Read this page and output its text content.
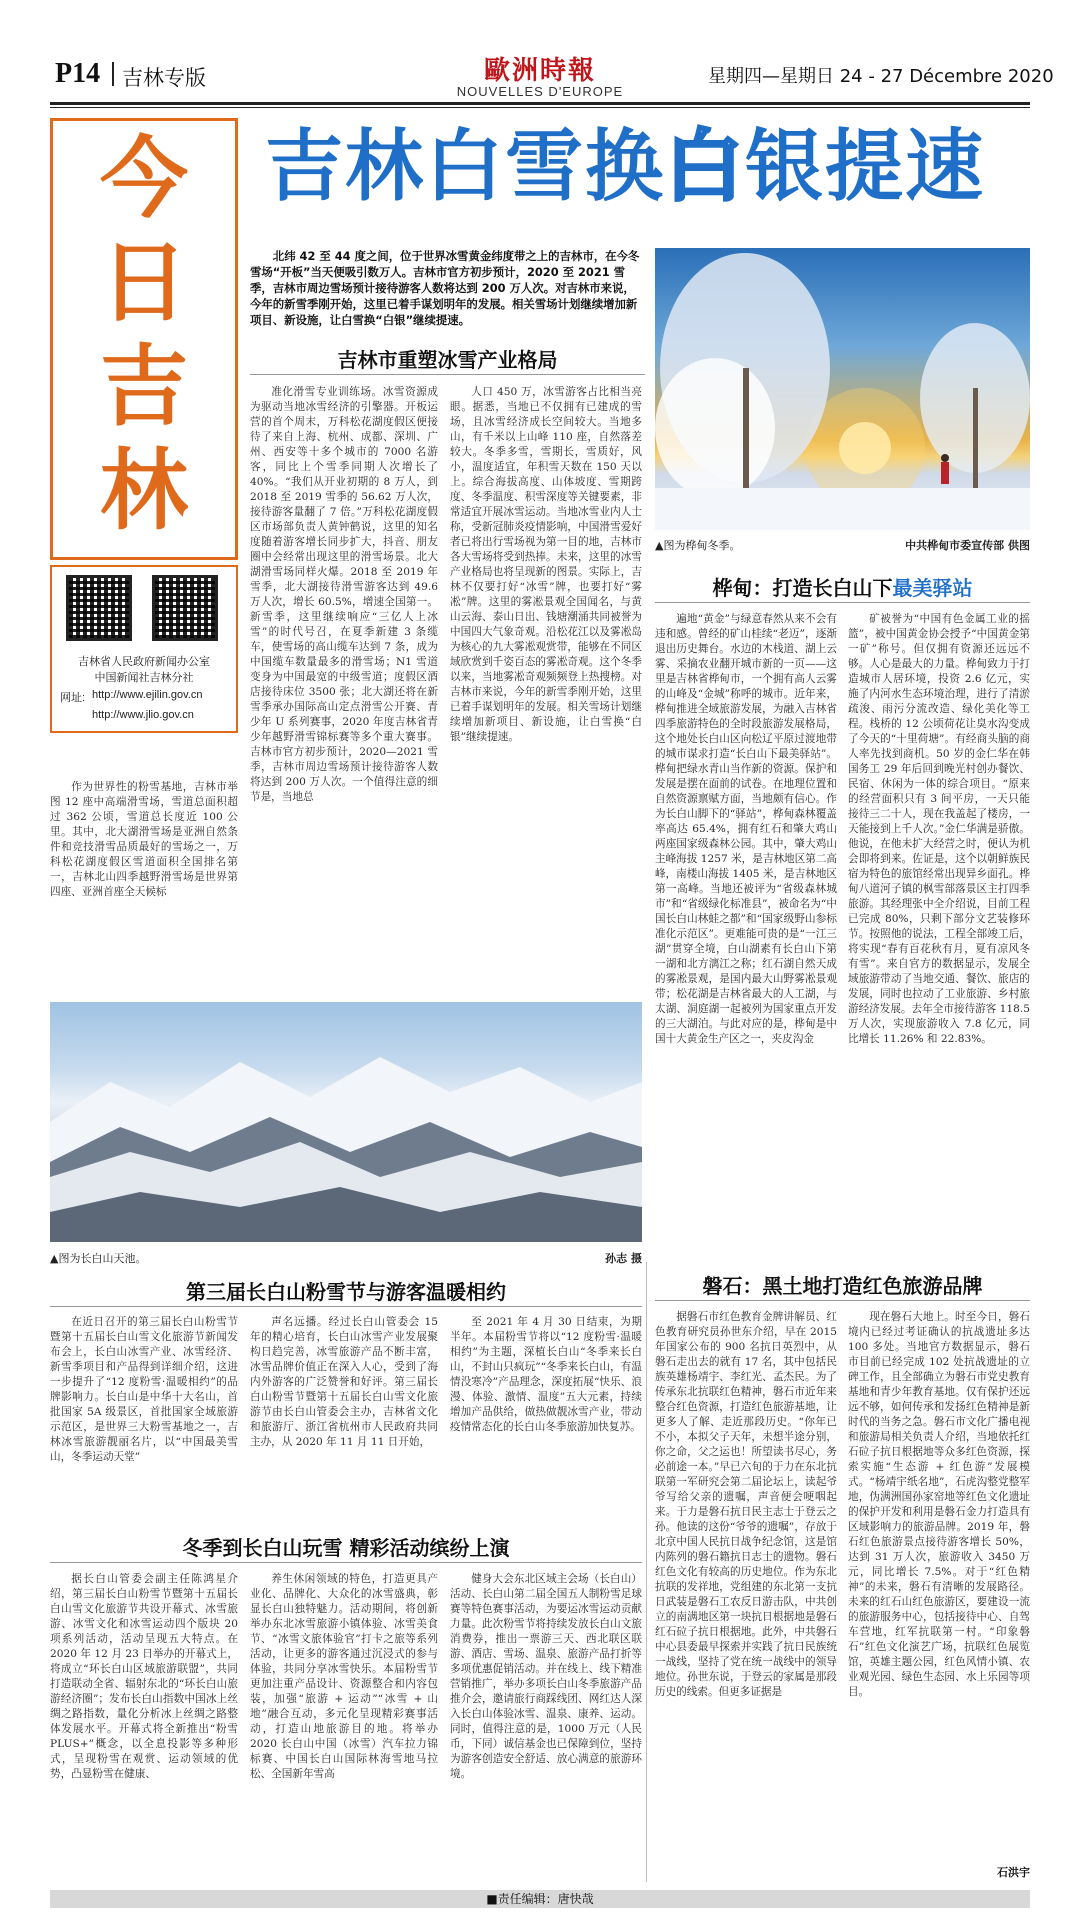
P14 吉林专版	歐洲時報
NOUVELLES D'EUROPE
星期四—星期日 24 - 27 Décembre 2020
今
日
吉
林
吉林省人民政府新闻办公室
中国新闻社吉林分社
网址: http://www.ejilin.gov.cn
http://www.jlio.gov.cn
吉林白雪换白银提速
北纬 42 至 44 度之间，位于世界冰雪黄金纬度带之上的吉林市，在今冬雪场“开板”当天便吸引数万人。吉林市官方初步预计，2020 至 2021 雪季，吉林市周边雪场预计接待游客人数将达到 200 万人次。对吉林市来说，今年的新雪季刚开始，这里已着手谋划明年的发展。相关雪场计划继续增加新项目、新设施，让白雪换“白银”继续提速。
吉林市重塑冰雪产业格局

作为世界性的粉雪基地，吉林市举图 12 座中高端滑雪场，雪道总面积超过 362 公顷，雪道总长度近 100 公里。其中，北大湖滑雪场是亚洲自然条件和竞技滑雪品质最好的雪场之一，万科松花湖度假区雪道面积全国排名第一，吉林北山四季越野滑雪场是世界第四座、亚洲首座全天候标

准化滑雪专业训练场。冰雪资源成为驱动当地冰雪经济的引擎器。开板运营的首个周末，万科松花湖度假区便接待了来自上海、杭州、成都、深圳、广州、西安等十多个城市的 7000 名游客，同比上个雪季同期人次增长了 40%。“我们从开业初期的 8 万人，到 2018 至 2019 雪季的 56.62 万人次，接待游客量翻了 7 倍。”万科松花湖度假区市场部负责人黄钟鹤说，这里的知名度随着游客增长同步扩大，抖音、朋友圈中会经常出现这里的滑雪场景。北大湖滑雪场同样火爆。2018 至 2019 年雪季，北大湖接待滑雪游客达到 49.6 万人次，增长 60.5%，增速全国第一。新雪季，这里继续响应“三亿人上冰雪”的时代号召，在夏季新建 3 条缆车，使雪场的高山缆车达到 7 条，成为中国缆车数量最多的滑雪场；N1 雪道变身为中国最宽的中级雪道；度假区酒店接待床位 3500 张；北大湖还将在新雪季承办国际高山定点滑雪公开赛、青少年 U 系列赛事，2020 年度吉林省青少年越野滑雪锦标赛等多个重大赛事。吉林市官方初步预计，2020—2021 雪季，吉林市周边雪场预计接待游客人数将达到 200 万人次。一个值得注意的细节是，当地总

人口 450 万，冰雪游客占比相当亮眼。据悉，当地已不仅拥有已建成的雪场，且冰雪经济成长空间较大。当地多山，有千米以上山峰 110 座，自然落差较大。冬季多雪，雪期长，雪质好，风小，温度适宜，年积雪天数在 150 天以上。综合海拔高度、山体坡度、雪期跨度、冬季温度、积雪深度等关键要素，非常适宜开展冰雪运动。当地冰雪业内人士称，受新冠肺炎疫情影响，中国滑雪爱好者已将出行雪场视为第一目的地，吉林市各大雪场将受到热捧。未来，这里的冰雪产业格局也将呈现新的图景。实际上，吉林不仅要打好“冰雪”牌，也要打好“雾凇”牌。这里的雾凇景观全国闻名，与黄山云海、泰山日出、钱塘潮涌共同被誉为中国四大气象奇观。沿松花江以及雾凇岛为核心的九大雾凇观赏带，能够在不同区域欣赏到千姿百态的雾凇奇观。这个冬季以来，当地雾凇奇观频频登上热搜榜。对吉林市来说，今年的新雪季刚开始，这里已着手谋划明年的发展。相关雪场计划继续增加新项目、新设施，让白雪换“白银”继续提速。

▲图为桦甸冬季。	中共桦甸市委宣传部 供图
桦甸：打造长白山下最美驿站

遍地“黄金”与绿意春然从来不会有违和感。曾经的矿山桂续“老迈”，逐渐退出历史舞台。水边的木栈道、湖上云雾、采摘农业翻开城市新的一页——这里是吉林省桦甸市，一个拥有高人云雾的山峰及“金城”称呼的城市。近年来，桦甸推进全域旅游发展，为融入吉林省四季旅游特色的全时段旅游发展格局，这个地处长白山区向松辽平原过渡地带的城市谋求打造“长白山下最美驿站”。桦甸把绿水青山当作新的资源。保护和发展是摆在面前的试卷。在地理位置和自然资源禀赋方面，当地颇有信心。作为长白山脚下的“驿站”，桦甸森林覆盖率高达 65.4%，拥有红石和肇大鸡山两座国家级森林公园。其中，肇大鸡山主峰海拔 1257 米，是吉林地区第二高峰，南楼山海拔 1405 米，是吉林地区第一高峰。当地还被评为“省级森林城市”和“省级绿化标准县”，被命名为“中国长白山林蛙之都”和“国家级野山参标准化示范区”。更难能可贵的是“一江三湖”贯穿全境，白山湖素有长白山下第一湖和北方漓江之称；红石湖自然天成的雾凇景观，是国内最大山野雾凇景观带；松花湖是吉林省最大的人工湖，与太湖、洞庭湖一起被列为国家重点开发的三大湖泊。与此对应的是，桦甸是中国十大黄金生产区之一，夹皮沟金

矿被誉为“中国有色金属工业的摇篮”，被中国黄金协会授予“中国黄金第一矿”称号。但仅拥有资源还远远不够。人心是最大的力量。桦甸致力于打造城市人居环境，投资 2.6 亿元，实施了内河水生态环境治理，进行了清淤疏浚、雨污分流改造、绿化美化等工程。栈桥的 12 公顷荷花让臭水沟变成了今天的“十里荷塘”。有经商头脑的商人率先找到商机。50 岁的金仁华在韩国务工 29 年后回到晚光村创办餐饮、民宿、休闲为一体的综合项目。“原来的经营面积只有 3 间平房，一天只能接待三二十人，现在我盖起了楼房，一天能接到上千人次。”金仁华满是骄傲。他说，在他未扩大经营之时，便认为机会即将到来。佐证是，这个以朝鲜族民宿为特色的旅馆经常出现异乡面孔。桦甸八道河子镇的枫雪部落景区主打四季旅游。其经理张中全介绍说，目前工程已完成 80%，只剩下部分文艺装修环节。按照他的说法，工程全部竣工后，将实现“春有百花秋有月，夏有凉风冬有雪”。来自官方的数据显示，发展全域旅游带动了当地交通、餐饮、旅店的发展，同时也拉动了工业旅游、乡村旅游经济发展。去年全市接待游客 118.5 万人次，实现旅游收入 7.8 亿元，同比增长 11.26% 和 22.83%。

▲图为长白山天池。	孙志 摄
第三届长白山粉雪节与游客温暖相约

在近日召开的第三届长白山粉雪节暨第十五届长白山雪文化旅游节新闻发布会上，长白山冰雪产业、冰雪经济、新雪季项目和产品得到详细介绍，这进一步提升了“12 度粉雪·温暖相约”的品牌影响力。长白山是中华十大名山，首批国家 5A 级景区，首批国家全域旅游示范区，是世界三大粉雪基地之一，吉林冰雪旅游靓丽名片，以“中国最美雪山，冬季运动天堂”

声名远播。经过长白山管委会 15 年的精心培育，长白山冰雪产业发展聚构日趋完善，冰雪旅游产品不断丰富，冰雪品牌价值正在深入人心，受到了海内外游客的广泛赞誉和好评。第三届长白山粉雪节暨第十五届长白山雪文化旅游节由长白山管委会主办，吉林省文化和旅游厅、浙江省杭州市人民政府共同主办，从 2020 年 11 月 11 日开始，

至 2021 年 4 月 30 日结束，为期半年。本届粉雪节将以“12 度粉雪·温暖相约”为主题，深植长白山“冬季来长白山，不封山只疯玩”“冬季来长白山，有温情没寒冷”产品理念，深度拓展“快乐、浪漫、体验、激情、温度”五大元素，持续增加产品供给，做热做靓冰雪产业，带动疫情常态化的长白山冬季旅游加快复苏。

冬季到长白山玩雪 精彩活动缤纷上演

据长白山管委会副主任陈鸿星介绍，第三届长白山粉雪节暨第十五届长白山雪文化旅游节共设开幕式、冰雪旅游、冰雪文化和冰雪运动四个版块 20 项系列活动，活动呈现五大特点。在 2020 年 12 月 23 日举办的开幕式上，将成立“环长白山区域旅游联盟”，共同打造联动全省、辐射东北的“环长白山旅游经济圈”；发布长白山指数中国冰上丝绸之路指数，量化分析冰上丝绸之路整体发展水平。开幕式将全新推出“粉雪 PLUS+”概念，以全息投影等多种形式，呈现粉雪在观赏、运动领域的优势，凸显粉雪在健康、

养生休闲领域的特色，打造更具产业化、品牌化、大众化的冰雪盛典，彰显长白山独特魅力。活动期间，将创新举办东北冰雪旅游小镇体验、冰雪美食节、“冰雪文旅体验官”打卡之旅等系列活动，让更多的游客通过沉浸式的参与体验，共同分享冰雪快乐。本届粉雪节更加注重产品设计、资源整合和内容包装，加强“旅游 + 运动”“冰雪 + 山地”融合互动，多元化呈现精彩赛事活动，打造山地旅游目的地。将举办 2020 长白山中国（冰雪）汽车拉力锦标赛、中国长白山国际林海雪地马拉松、全国新年雪高

健身大会东北区域主会场（长白山）活动、长白山第二届全国五人制粉雪足球赛等特色赛事活动，为要运冰雪运动贡献力量。此次粉雪节将持续发放长白山文旅消费券，推出一票游三天、西北联区联游、酒店、雪场、温泉、旅游产品打折等多项优惠促销活动。并在线上、线下精准营销推广，举办多项长白山冬季旅游产品推介会，邀请旅行商踩线团、网红达人深入长白山体验冰雪、温泉、康养、运动。同时，值得注意的是，1000 万元（人民币，下同）诚信基金也已保障到位，坚持为游客创造安全舒适、放心满意的旅游环境。

磐石：黑土地打造红色旅游品牌

据磐石市红色教育金牌讲解员、红色教育研究员孙世东介绍，早在 2015 年国家公布的 900 名抗日英烈中，从磐石走出去的就有 17 名，其中包括民族英雄杨靖宇、李红光、孟杰民。为了传承东北抗联红色精神，磐石市近年来整合红色资源，打造红色旅游基地，让更多人了解、走近那段历史。“你年已不小，本拟父子天年，未想半途分别，你之命，父之运也！所望读书尽心，务必前途一本。”早已六旬的于力在东北抗联第一军研究会第二届论坛上，读起爷爷写给父亲的遗嘱，声音便会哽咽起来。于力是磐石抗日民主志士于登云之孙。他读的这份“爷爷的遗嘱”，存放于北京中国人民抗日战争纪念馆，这是馆内陈列的磐石籍抗日志士的遗物。磐石红色文化有较高的历史地位。作为东北抗联的发祥地，党组建的东北第一支抗日武装是磐石工农反日游击队，中共创立的南满地区第一块抗日根据地是磐石红石砬子抗日根据地。此外，中共磐石中心县委最早探索并实践了抗日民族统一战线，坚持了党在统一战线中的领导地位。孙世东说，于登云的家属是那段历史的线索。但更多证据是

现在磐石大地上。时至今日，磐石境内已经过考证确认的抗战遗址多达 100 多处。当地官方数据显示，磐石市目前已经完成 102 处抗战遗址的立碑工作，且全部确立为磐石市党史教育基地和青少年教育基地。仅有保护还远远不够，如何传承和发扬红色精神是新时代的当务之急。磐石市文化广播电视和旅游局相关负责人介绍，当地依托红石砬子抗日根据地等众多红色资源，探索实施“生态游 + 红色游”发展模式。“杨靖宇纸名地”，石虎沟整党整军地，伪满洲国孙家窑地等红色文化遗址的保护开发和利用是磐石金力打造具有区域影响力的旅游品牌。2019 年，磐石红色旅游景点接待游客增长 50%，达到 31 万人次，旅游收入 3450 万元，同比增长 7.5%。对于“红色精神”的未来，磐石有清晰的发展路径。未来的红石山红色旅游区，要建设一流的旅游服务中心，包括接待中心、自驾车营地，红军抗联第一村。“印象磐石”红色文化演艺广场，抗联红色展览馆，英雄主题公园，红色风情小镇、农业观光园、绿色生态园、水上乐园等项目。

石洪宇
■责任编辑：唐快哉
